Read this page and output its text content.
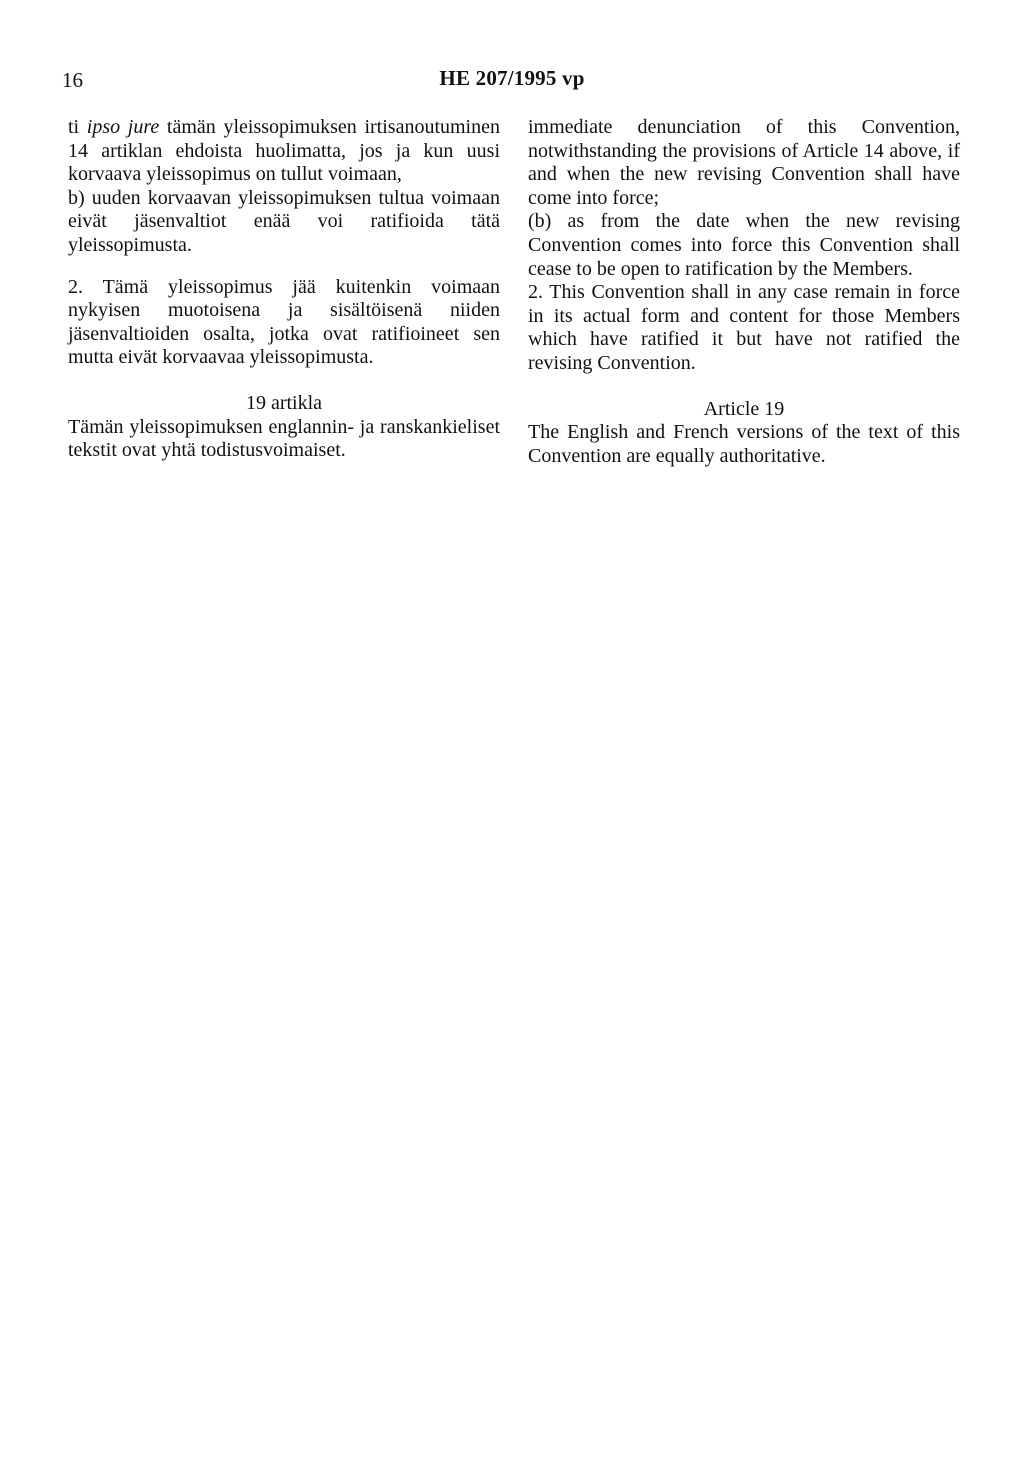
16	HE 207/1995 vp

ti ipso jure tämän yleissopimuksen irtisanoutuminen 14 artiklan ehdoista huolimatta, jos ja kun uusi korvaava yleissopimus on tullut voimaan,

b) uuden korvaavan yleissopimuksen tultua voimaan eivät jäsenvaltiot enää voi ratifioida tätä yleissopimusta.

2. Tämä yleissopimus jää kuitenkin voimaan nykyisen muotoisena ja sisältöisenä niiden jäsenvaltioiden osalta, jotka ovat ratifioineet sen mutta eivät korvaavaa yleissopimusta.

19 artikla

Tämän yleissopimuksen englannin- ja ranskankieliset tekstit ovat yhtä todistusvoimaiset.

immediate denunciation of this Convention, notwithstanding the provisions of Article 14 above, if and when the new revising Convention shall have come into force;

(b) as from the date when the new revising Convention comes into force this Convention shall cease to be open to ratification by the Members.

2. This Convention shall in any case remain in force in its actual form and content for those Members which have ratified it but have not ratified the revising Convention.

Article 19

The English and French versions of the text of this Convention are equally authoritative.
